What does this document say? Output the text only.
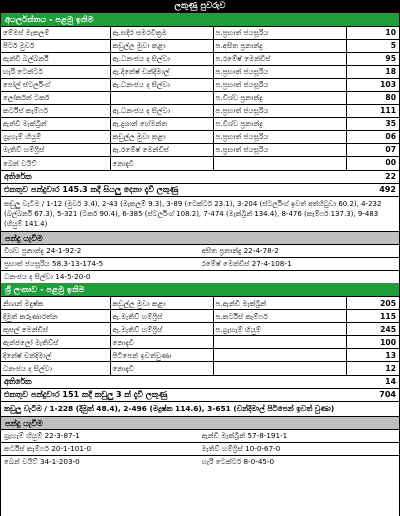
ලකුණු පුවරුව
අයර්ලන්තය - පළමු ඉනිම
මේමස් මැකලම්	ඇ.සදීර සමරවික්‍රම	ප.ප්‍රභාත් ජයසූරිය	10
පීටර් මුවර්	කඩුල්ල මුවා කළා	ප.අසිත ප්‍රනාන්දු	5
ඇන්ඩි බල්බර්නි	ඇ.ධනංජය ද සිල්වා	ප.රමේෂ් මෙන්ඩිස්	95
හැරි ටෙක්ටර්	ඇ.දිනේෂ් චන්දිමාල්	ප.ප්‍රභාත් ජයසූරිය	18
පෝල් ස්ටර්ලිංග්	ඇ.ධනංජය ද සිල්වා	ප.ප්‍රභාත් ජයසූරිය	103
ලෝර්කන් ටකර්		ප.විශ්ව ප්‍රනාන්දු	80
කර්ටිස් කැම්ෆර්	ඇ.ධනංජය ද සිල්වා	ප.ප්‍රභාත් ජයසූරිය	111
ඇන්ඩි මැක්බ්‍රින්	ඇ.දුශාන් හේමන්ත	ප.විශ්ව ප්‍රනාන්දු	35
ග්‍රැහැම් හියුම්	කඩුල්ල මුවා කළා	ප.ප්‍රභාත් ජයසූරිය	06
මැතිව් හම්ෆ්‍රීස්	ඇ.රමේෂ් මෙන්ඩිස්	ප.ප්‍රභාත් ජයසූරිය	07
බෙන් වයිට්	නොදැවී		00
අතිරේක	22
එකතුව පන්දුවාර 145.3 කදී සියලු දෙනා දැවී ලකුණු	492
කඩුලු වැටීම / 1-12 (මුවර් 3.4), 2-43 (මැකලම් 9.3), 3-89 (ටෙක්ටර් 23.1), 3-204 (ස්ටර්ලිංග් ඉවත් අත්හිටුවා 60.2), 4-232 (බල්බර්නි 67.3), 5-321 (ටකර් 90.4), 6-385 (ස්ටර්ලිංග් 108.2), 7-474 (මැක්බ්‍රින් 134.4), 8-476 (කැම්ෆර් 137.3), 9-483 (හියුම් 141.4)
පන්දු යැවීම
විශ්ව ප්‍රනාන්දු 24-1-92-2	අසිත ප්‍රනාන්දු 22-4-78-2
ප්‍රභාත් ජයසූරිය 58.3-13-174-5	රමේෂ් මෙන්ඩිස් 27-4-108-1
ධනංජය ද සිල්වා 14-5-20-0
ශ්‍රී ලංකාව - පළමු ඉනිම
නිශාන් මදුෂ්ක	කඩුල්ල මුවා කළා	ප.ඇන්ඩි මැක්බ්‍රින්	205
දිමුත් කරුණාරත්න	ඇ.මැතිව් හම්ෆ්‍රීස්	ප.කර්ටිස් කැම්ෆර්	115
කුසල් මෙන්ඩිස්	ඇ.මැතිව් හම්ෆ්‍රීස්	ප.ග්‍රැහැම් හියුම්	245
ඇන්ජලෝ මැතිව්ස්	නොදැවී		100
දිනේෂ් චන්දිමාල්	පිටිපෙන් ඉවත්වුණා		13
ධනංජය ද සිල්වා	නොදැවී		12
අතිරේක	14
එකතුව පන්දුවාර 151 කදී කඩුලු 3 ක් දැවී ලකුණු	704
කඩුලු වැටීම / 1-228 (දිමුත් 48.4), 2-496 (මදුෂ්ක 114.6), 3-651 (චන්දිමාල් පිටිපෙන් ඉවත් වුණා)
පන්දු යැවීම
ග්‍රැහැම් හියුම් 22-3-87-1	ඇන්ඩි මැක්බ්‍රින් 57-8-191-1
කර්ටිස් කැම්ෆර් 20-1-101-0	මැතිව් හම්ෆ්‍රීස් 10-0-67-0
බෙන් වයිට් 34-1-203-0	හැරි ටෙක්ටර් 8-0-45-0
